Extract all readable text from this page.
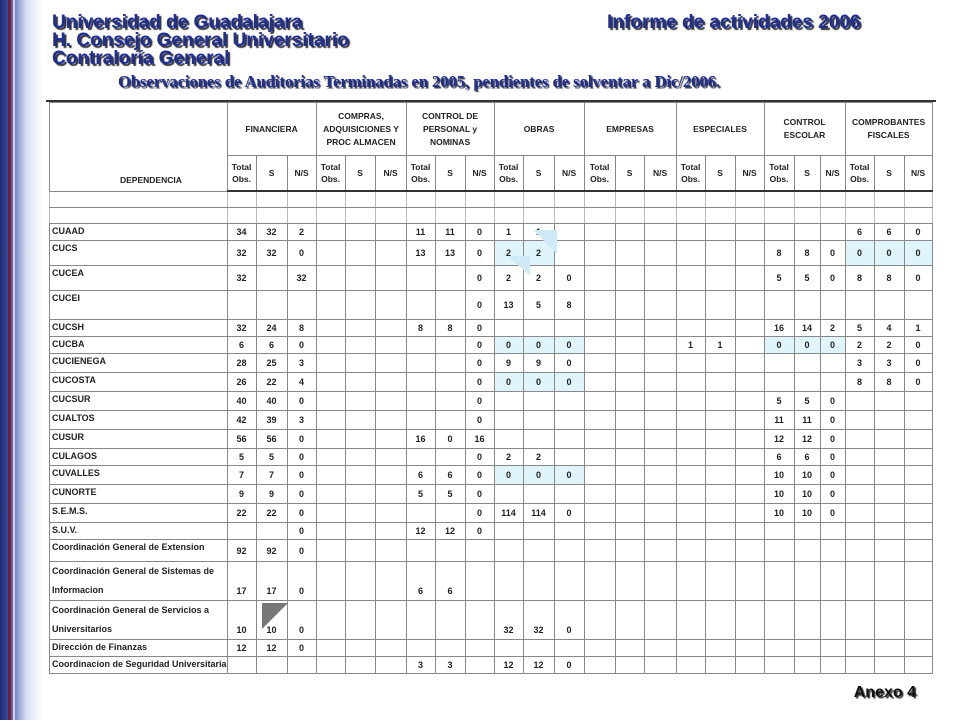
Universidad de Guadalajara
H. Consejo General Universitario
Contraloría General
Informe de actividades 2006
Observaciones de Auditorias Terminadas en 2005, pendientes de solventar a Dic/2006.
DEPENDENCIA	FINANCIERA			COMPRAS, ADQUISICIONES Y PROC ALMACEN			CONTROL DE PERSONAL y NOMINAS			OBRAS			EMPRESAS			ESPECIALES			CONTROL ESCOLAR			COMPROBANTES FISCALES		
	Total Obs.	S	N/S	Total Obs.	S	N/S	Total Obs.	S	N/S	Total Obs.	S	N/S	Total Obs.	S	N/S	Total Obs.	S	N/S	Total Obs.	S	N/S	Total Obs.	S	N/S

CUAAD	34	32	2				11	11	0	1	1											6	6	0
CUCS	32	32	0				13	13	0	2	2								8	8	0	0	0	0
CUCEA	32		32						0	2	2	0							5	5	0	8	8	0
CUCEI									0	13	5	8												
CUCSH	32	24	8				8	8	0										16	14	2	5	4	1
CUCBA	6	6	0						0	0	0	0				1	1		0	0	0	2	2	0
CUCIENEGA	28	25	3						0	9	9	0										3	3	0
CUCOSTA	26	22	4						0	0	0	0										8	8	0
CUCSUR	40	40	0						0										5	5	0			
CUALTOS	42	39	3						0										11	11	0			
CUSUR	56	56	0				16	0	16										12	12	0			
CULAGOS	5	5	0						0	2	2								6	6	0			
CUVALLES	7	7	0				6	6	0	0	0	0							10	10	0			
CUNORTE	9	9	0				5	5	0										10	10	0			
S.E.M.S.	22	22	0						0	114	114	0							10	10	0			
S.U.V.			0				12	12	0															
Coordinación General de Extension	92	92	0																					

Coordinación General de Sistemas de
Informacion	17	17	0				6	6																

Coordinación General de Servicios a
Universitarios	10	10	0							32	32	0												
Dirección de Finanzas	12	12	0																					
Coordinacion de Seguridad Universitaria							3	3		12	12	0												
Anexo 4
